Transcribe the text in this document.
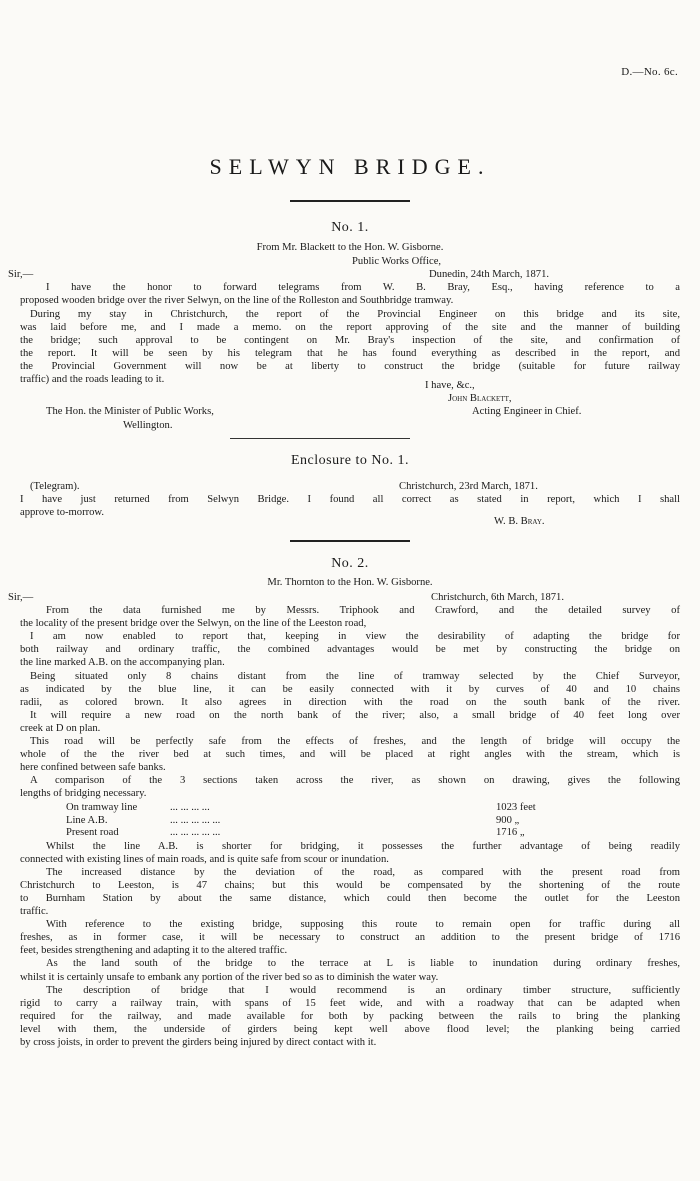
D.—No. 6c.
SELWYN BRIDGE.
No. 1.
From Mr. Blackett to the Hon. W. Gisborne.
Public Works Office,
Sir,—	Dunedin, 24th March, 1871.
I have the honor to forward telegrams from W. B. Bray, Esq., having reference to a
proposed wooden bridge over the river Selwyn, on the line of the Rolleston and Southbridge tramway.
During my stay in Christchurch, the report of the Provincial Engineer on this bridge and its site,
was laid before me, and I made a memo. on the report approving of the site and the manner of building
the bridge; such approval to be contingent on Mr. Bray's inspection of the site, and confirmation of
the report. It will be seen by his telegram that he has found everything as described in the report, and
the Provincial Government will now be at liberty to construct the bridge (suitable for future railway
traffic) and the roads leading to it.
I have, &c.,
John Blackett,
The Hon. the Minister of Public Works,	Acting Engineer in Chief.
Wellington.
Enclosure to No. 1.
(Telegram).	Christchurch, 23rd March, 1871.
I have just returned from Selwyn Bridge. I found all correct as stated in report, which I shall
approve to-morrow.
W. B. Bray.
No. 2.
Mr. Thornton to the Hon. W. Gisborne.
Sir,—	Christchurch, 6th March, 1871.
From the data furnished me by Messrs. Triphook and Crawford, and the detailed survey of
the locality of the present bridge over the Selwyn, on the line of the Leeston road,
I am now enabled to report that, keeping in view the desirability of adapting the bridge for
both railway and ordinary traffic, the combined advantages would be met by constructing the bridge on
the line marked A.B. on the accompanying plan.
Being situated only 8 chains distant from the line of tramway selected by the Chief Surveyor,
as indicated by the blue line, it can be easily connected with it by curves of 40 and 10 chains
radii, as colored brown. It also agrees in direction with the road on the south bank of the river.
It will require a new road on the north bank of the river; also, a small bridge of 40 feet long over
creek at D on plan.
This road will be perfectly safe from the effects of freshes, and the length of bridge will occupy the
whole of the the river bed at such times, and will be placed at right angles with the stream, which is
here confined between safe banks.
A comparison of the 3 sections taken across the river, as shown on drawing, gives the following
lengths of bridging necessary.
On tramway line	... ... ... ...	1023 feet
Line A.B.	... ... ... ... ...	900 „
Present road	... ... ... ... ...	1716 „
Whilst the line A.B. is shorter for bridging, it possesses the further advantage of being readily
connected with existing lines of main roads, and is quite safe from scour or inundation.
The increased distance by the deviation of the road, as compared with the present road from
Christchurch to Leeston, is 47 chains; but this would be compensated by the shortening of the route
to Burnham Station by about the same distance, which could then become the outlet for the Leeston
traffic.
With reference to the existing bridge, supposing this route to remain open for traffic during all
freshes, as in former case, it will be necessary to construct an addition to the present bridge of 1716
feet, besides strengthening and adapting it to the altered traffic.
As the land south of the bridge to the terrace at L is liable to inundation during ordinary freshes,
whilst it is certainly unsafe to embank any portion of the river bed so as to diminish the water way.
The description of bridge that I would recommend is an ordinary timber structure, sufficiently
rigid to carry a railway train, with spans of 15 feet wide, and with a roadway that can be adapted when
required for the railway, and made available for both by packing between the rails to bring the planking
level with them, the underside of girders being kept well above flood level; the planking being carried
by cross joists, in order to prevent the girders being injured by direct contact with it.
